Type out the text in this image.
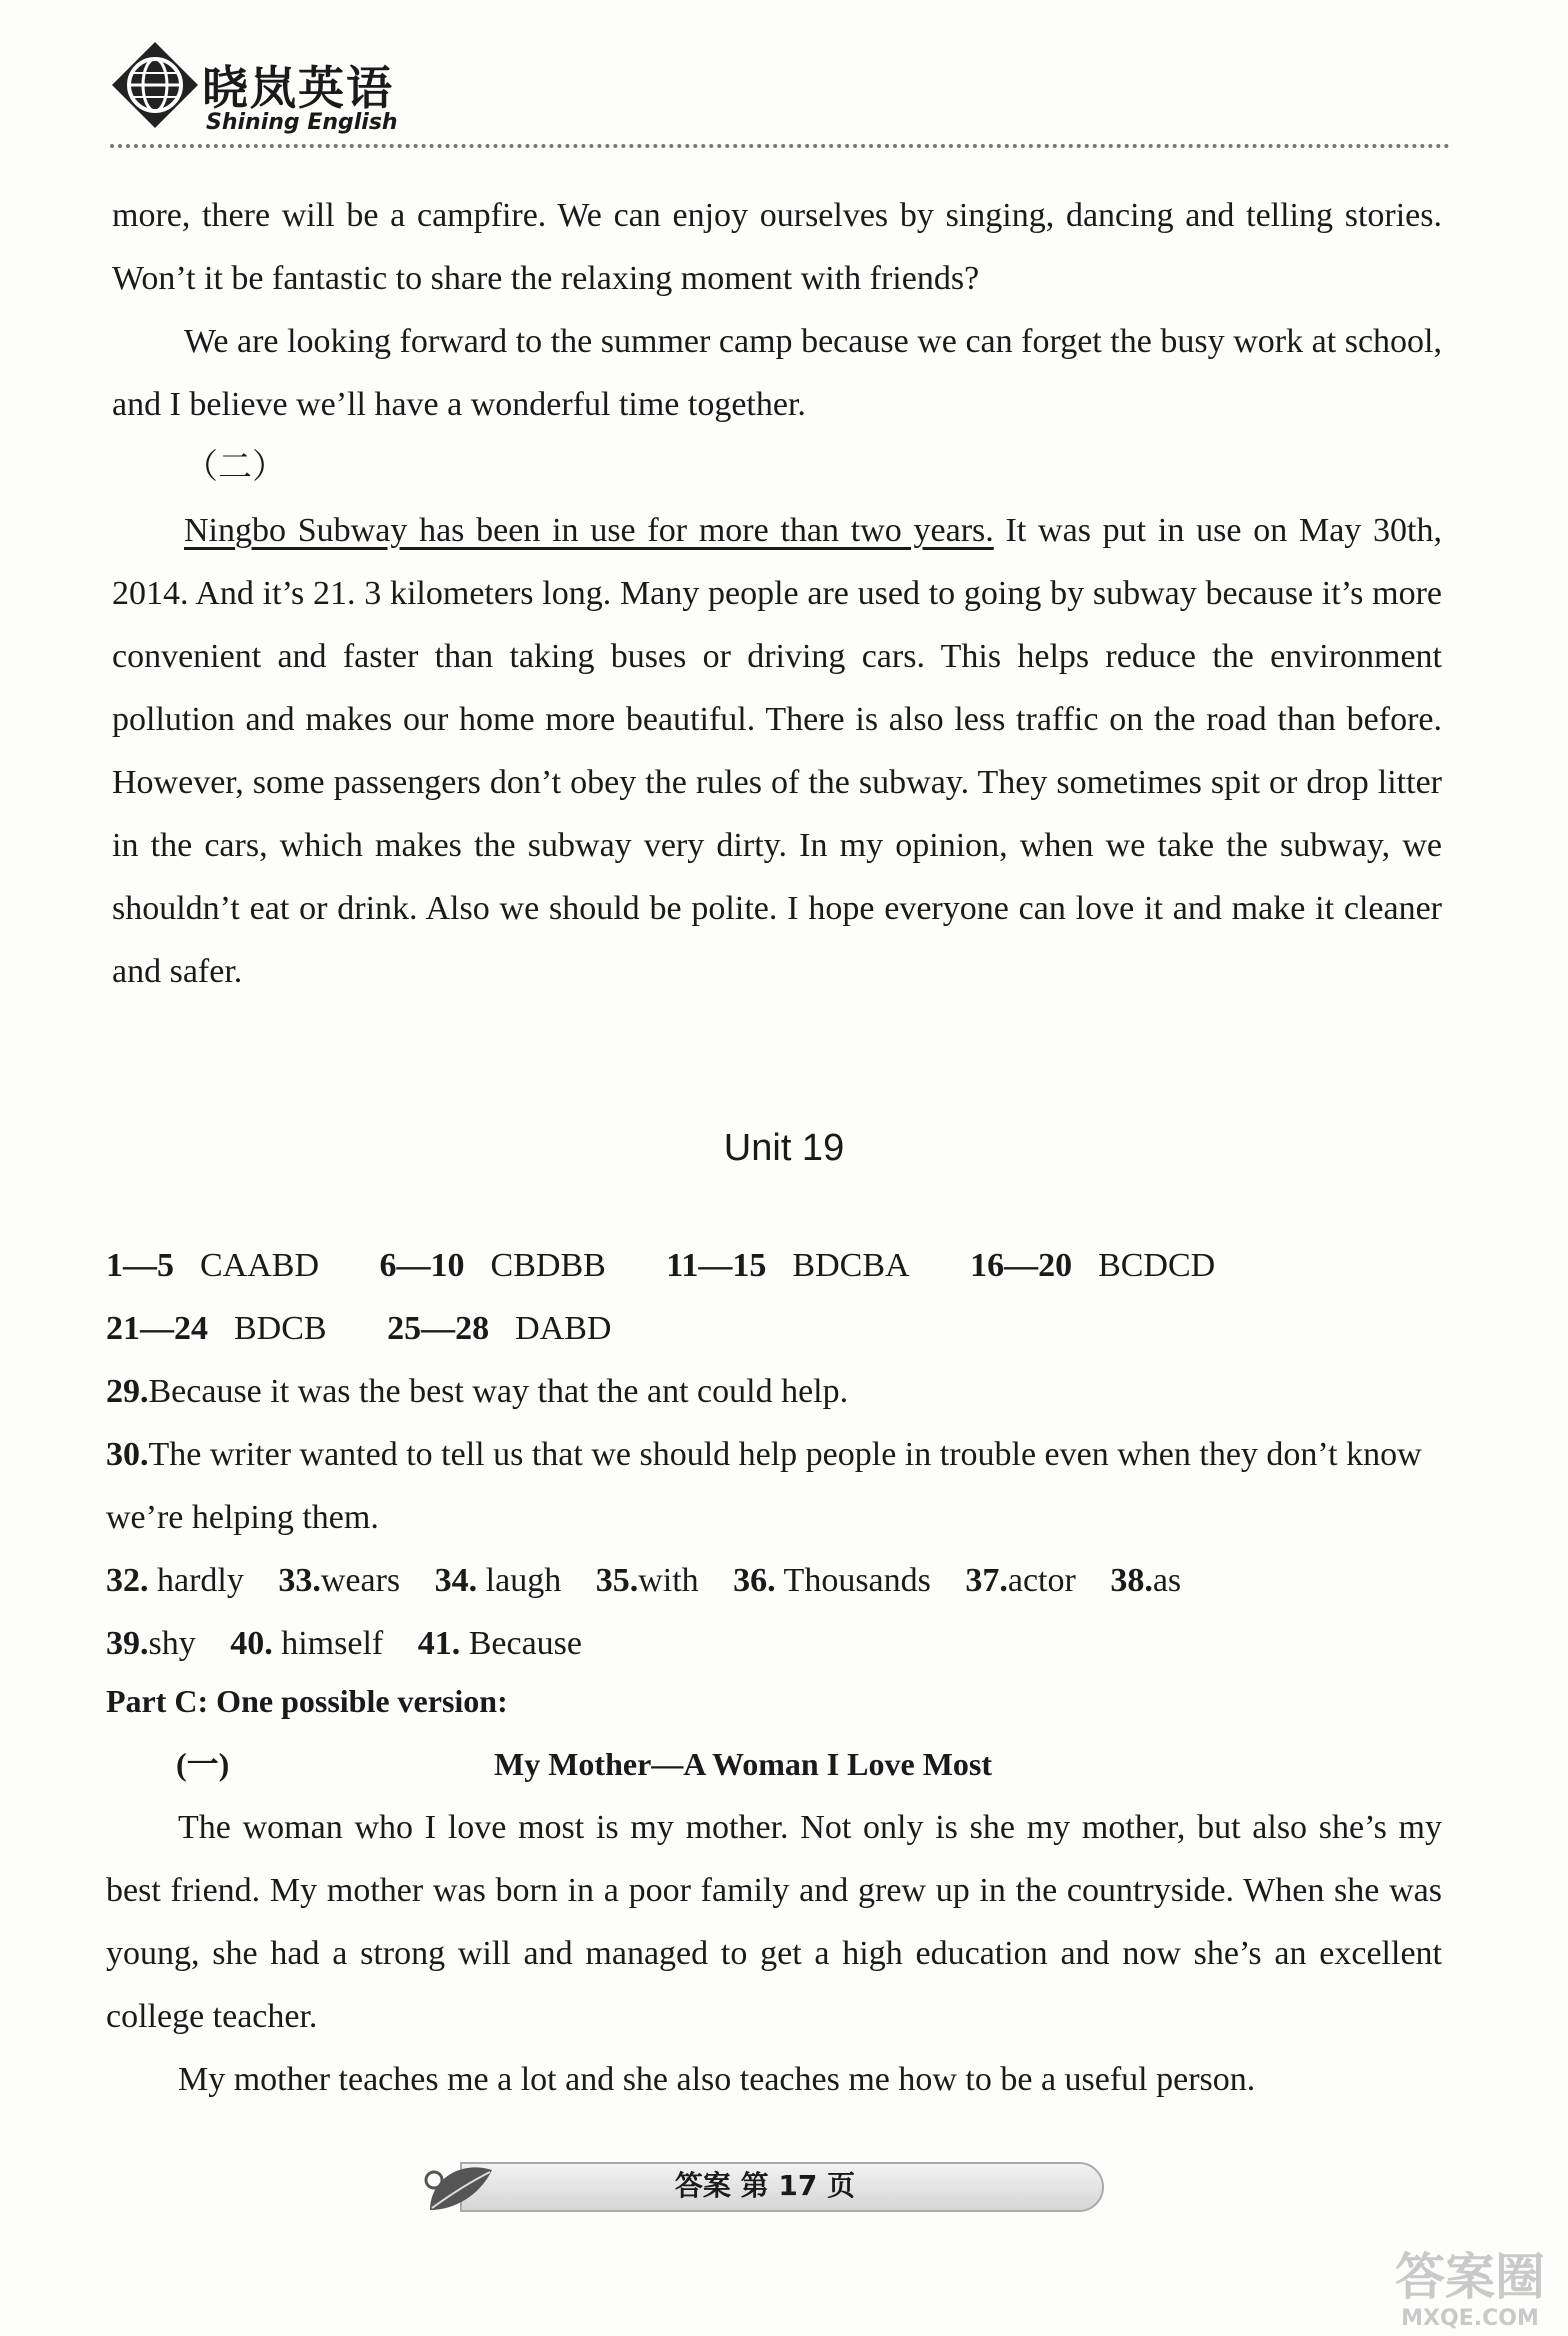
晓岚英语
Shining English

more, there will be a campfire. We can enjoy ourselves by singing, dancing and telling stories. Won’t it be fantastic to share the relaxing moment with friends?

We are looking forward to the summer camp because we can forget the busy work at school, and I believe we’ll have a wonderful time together.

（二）

Ningbo Subway has been in use for more than two years. It was put in use on May 30th, 2014. And it’s 21. 3 kilometers long. Many people are used to going by subway because it’s more convenient and faster than taking buses or driving cars. This helps reduce the environment pollution and makes our home more beautiful. There is also less traffic on the road than before. However, some passengers don’t obey the rules of the subway. They sometimes spit or drop litter in the cars, which makes the subway very dirty. In my opinion, when we take the subway, we shouldn’t eat or drink. Also we should be polite. I hope everyone can love it and make it cleaner and safer.

Unit 19
1—5 CAABD 6—10 CBDBB 11—15 BDCBA 16—20 BCDCD
21—24 BDCB 25—28 DABD
29.Because it was the best way that the ant could help.
30.The writer wanted to tell us that we should help people in trouble even when they don’t know we’re helping them.
32. hardly 33.wears 34. laugh 35.with 36. Thousands 37.actor 38.as
39.shy 40. himself 41. Because
Part C: One possible version:
(一)	My Mother—A Woman I Love Most

The woman who I love most is my mother. Not only is she my mother, but also she’s my best friend. My mother was born in a poor family and grew up in the countryside. When she was young, she had a strong will and managed to get a high education and now she’s an excellent college teacher.

My mother teaches me a lot and she also teaches me how to be a useful person.

答案 第 17 页
答案圈
MXQE.COM
